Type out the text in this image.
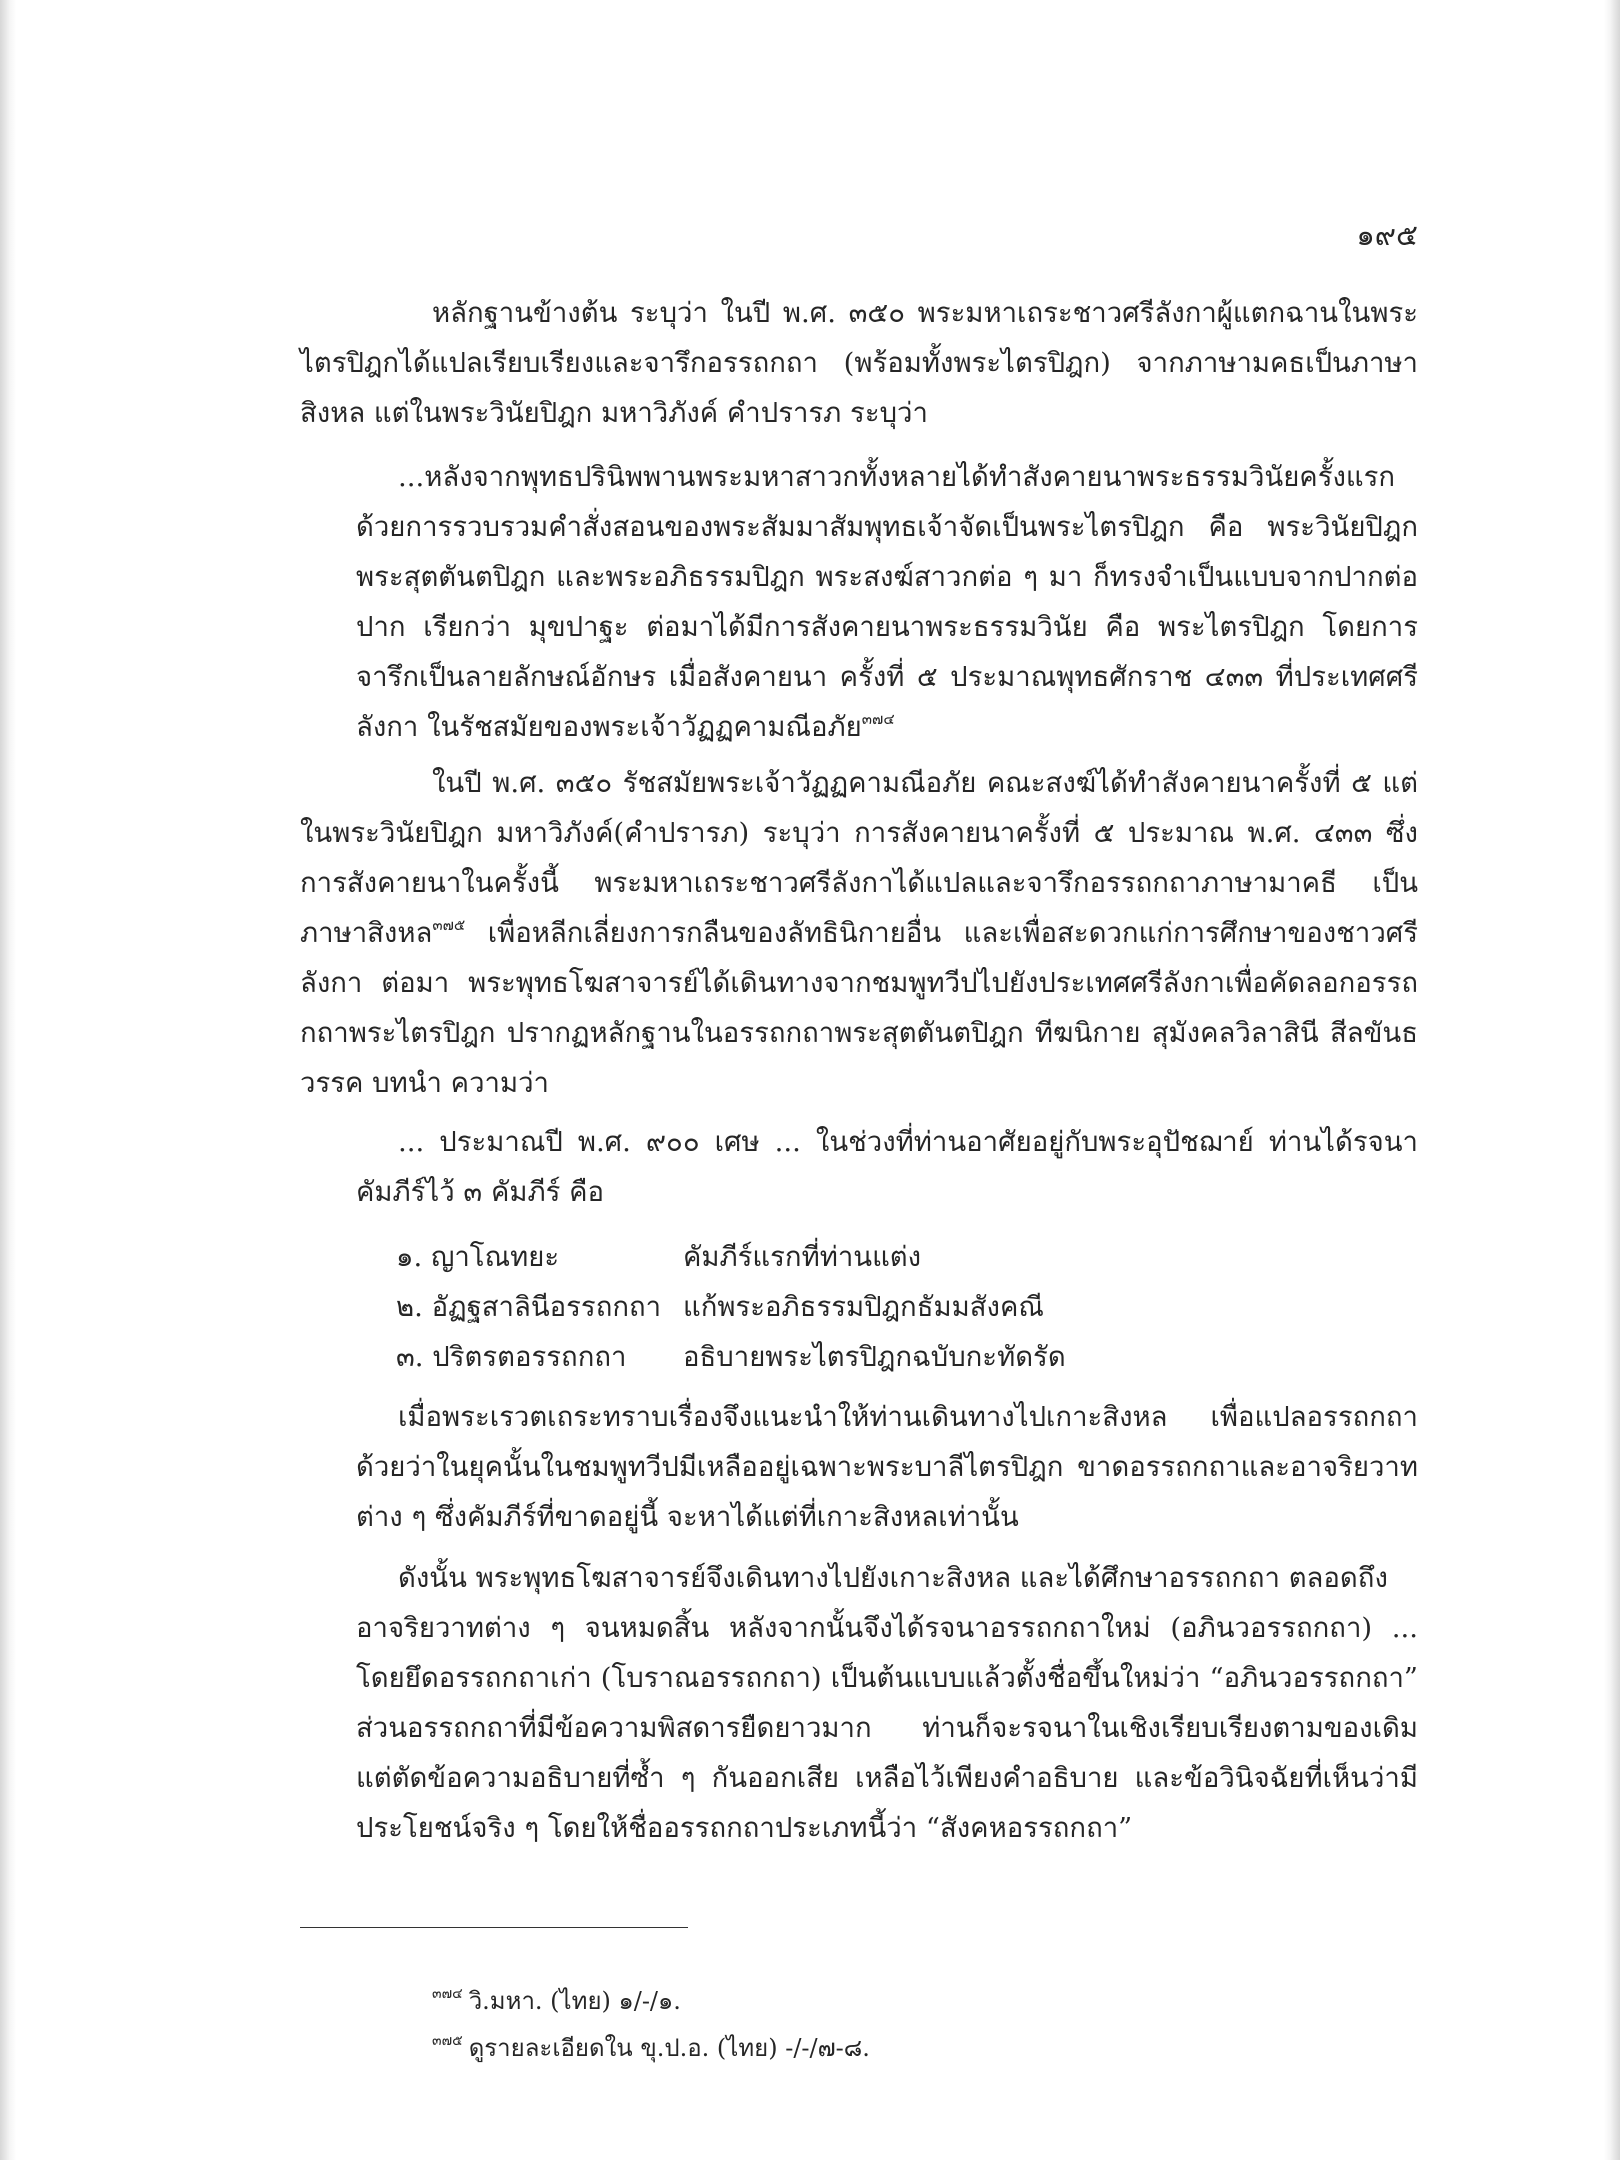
๑๙๕

หลักฐานข้างต้น ระบุว่า ในปี พ.ศ. ๓๕๐ พระมหาเถระชาวศรีลังกาผู้แตกฉานในพระไตรปิฎกได้แปลเรียบเรียงและจารึกอรรถกถา (พร้อมทั้งพระไตรปิฎก) จากภาษามคธเป็นภาษาสิงหล แต่ในพระวินัยปิฎก มหาวิภังค์ คำปรารภ ระบุว่า

...หลังจากพุทธปรินิพพานพระมหาสาวกทั้งหลายได้ทำสังคายนาพระธรรมวินัยครั้งแรกด้วยการรวบรวมคำสั่งสอนของพระสัมมาสัมพุทธเจ้าจัดเป็นพระไตรปิฎก คือ พระวินัยปิฎก พระสุตตันตปิฎก และพระอภิธรรมปิฎก พระสงฆ์สาวกต่อ ๆ มา ก็ทรงจำเป็นแบบจากปากต่อปาก เรียกว่า มุขปาฐะ ต่อมาได้มีการสังคายนาพระธรรมวินัย คือ พระไตรปิฎก โดยการจารึกเป็นลายลักษณ์อักษร เมื่อสังคายนา ครั้งที่ ๕ ประมาณพุทธศักราช ๔๓๓ ที่ประเทศศรีลังกา ในรัชสมัยของพระเจ้าวัฏฏคามณีอภัย$^{๓๗๔}$

ในปี พ.ศ. ๓๕๐ รัชสมัยพระเจ้าวัฏฏคามณีอภัย คณะสงฆ์ได้ทำสังคายนาครั้งที่ ๕ แต่ในพระวินัยปิฎก มหาวิภังค์(คำปรารภ) ระบุว่า การสังคายนาครั้งที่ ๕ ประมาณ พ.ศ. ๔๓๓ ซึ่งการสังคายนาในครั้งนี้ พระมหาเถระชาวศรีลังกาได้แปลและจารึกอรรถกถาภาษามาคธี เป็นภาษาสิงหล$^{๓๗๕}$ เพื่อหลีกเลี่ยงการกลืนของลัทธินิกายอื่น และเพื่อสะดวกแก่การศึกษาของชาวศรีลังกา ต่อมา พระพุทธโฆสาจารย์ได้เดินทางจากชมพูทวีปไปยังประเทศศรีลังกาเพื่อคัดลอกอรรถกถาพระไตรปิฎก ปรากฏหลักฐานในอรรถกถาพระสุตตันตปิฎก ทีฆนิกาย สุมังคลวิลาสินี สีลขันธวรรค บทนำ ความว่า

... ประมาณปี พ.ศ. ๙๐๐ เศษ ... ในช่วงที่ท่านอาศัยอยู่กับพระอุปัชฌาย์ ท่านได้รจนาคัมภีร์ไว้ ๓ คัมภีร์ คือ

๑. ญาโณทยะ	คัมภีร์แรกที่ท่านแต่ง
๒. อัฏฐสาลินีอรรถกถา แก้พระอภิธรรมปิฎกธัมมสังคณี
๓. ปริตรตอรรถกถา	อธิบายพระไตรปิฎกฉบับกะทัดรัด

เมื่อพระเรวตเถระทราบเรื่องจึงแนะนำให้ท่านเดินทางไปเกาะสิงหล เพื่อแปลอรรถกถา ด้วยว่าในยุคนั้นในชมพูทวีปมีเหลืออยู่เฉพาะพระบาลีไตรปิฎก ขาดอรรถกถาและอาจริยวาทต่าง ๆ ซึ่งคัมภีร์ที่ขาดอยู่นี้ จะหาได้แต่ที่เกาะสิงหลเท่านั้น

ดังนั้น พระพุทธโฆสาจารย์จึงเดินทางไปยังเกาะสิงหล และได้ศึกษาอรรถกถา ตลอดถึง

อาจริยวาทต่าง ๆ จนหมดสิ้น หลังจากนั้นจึงได้รจนาอรรถกถาใหม่ (อภินวอรรถกถา) ... โดยยึดอรรถกถาเก่า (โบราณอรรถกถา) เป็นต้นแบบแล้วตั้งชื่อขึ้นใหม่ว่า “อภินวอรรถกถา” ส่วนอรรถกถาที่มีข้อความพิสดารยืดยาวมาก ท่านก็จะรจนาในเชิงเรียบเรียงตามของเดิม แต่ตัดข้อความอธิบายที่ซ้ำ ๆ กันออกเสีย เหลือไว้เพียงคำอธิบาย และข้อวินิจฉัยที่เห็นว่ามีประโยชน์จริง ๆ โดยให้ชื่ออรรถกถาประเภทนี้ว่า “สังคหอรรถกถา”

$^{๓๗๔}$ วิ.มหา. (ไทย) ๑/-/๑.
$^{๓๗๕}$ ดูรายละเอียดใน ขุ.ป.อ. (ไทย) -/-/๗-๘.
